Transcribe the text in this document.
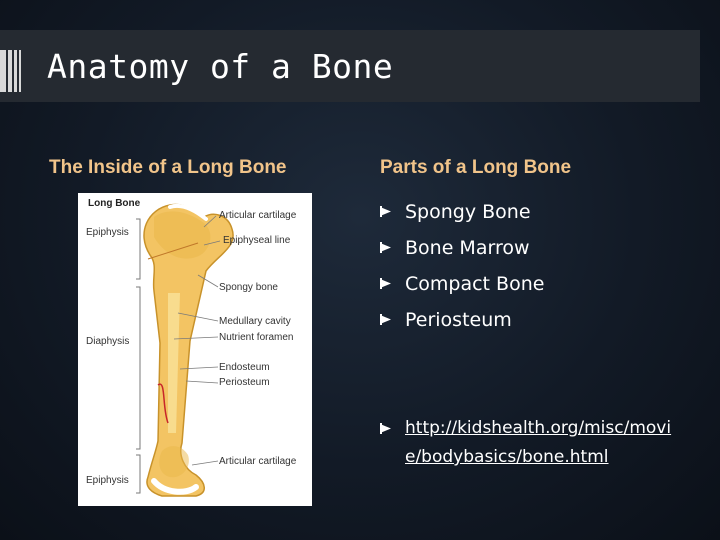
Anatomy of a Bone
The Inside of a Long Bone	Parts of a Long Bone
Long Bone
Epiphysis
Diaphysis
Epiphysis
Articular cartilage
Epiphyseal line
Spongy bone
Medullary cavity
Nutrient foramen
Endosteum
Periosteum
Articular cartilage
Spongy Bone
Bone Marrow
Compact Bone
Periosteum
http://kidshealth.org/misc/movie/bodybasics/bone.html
